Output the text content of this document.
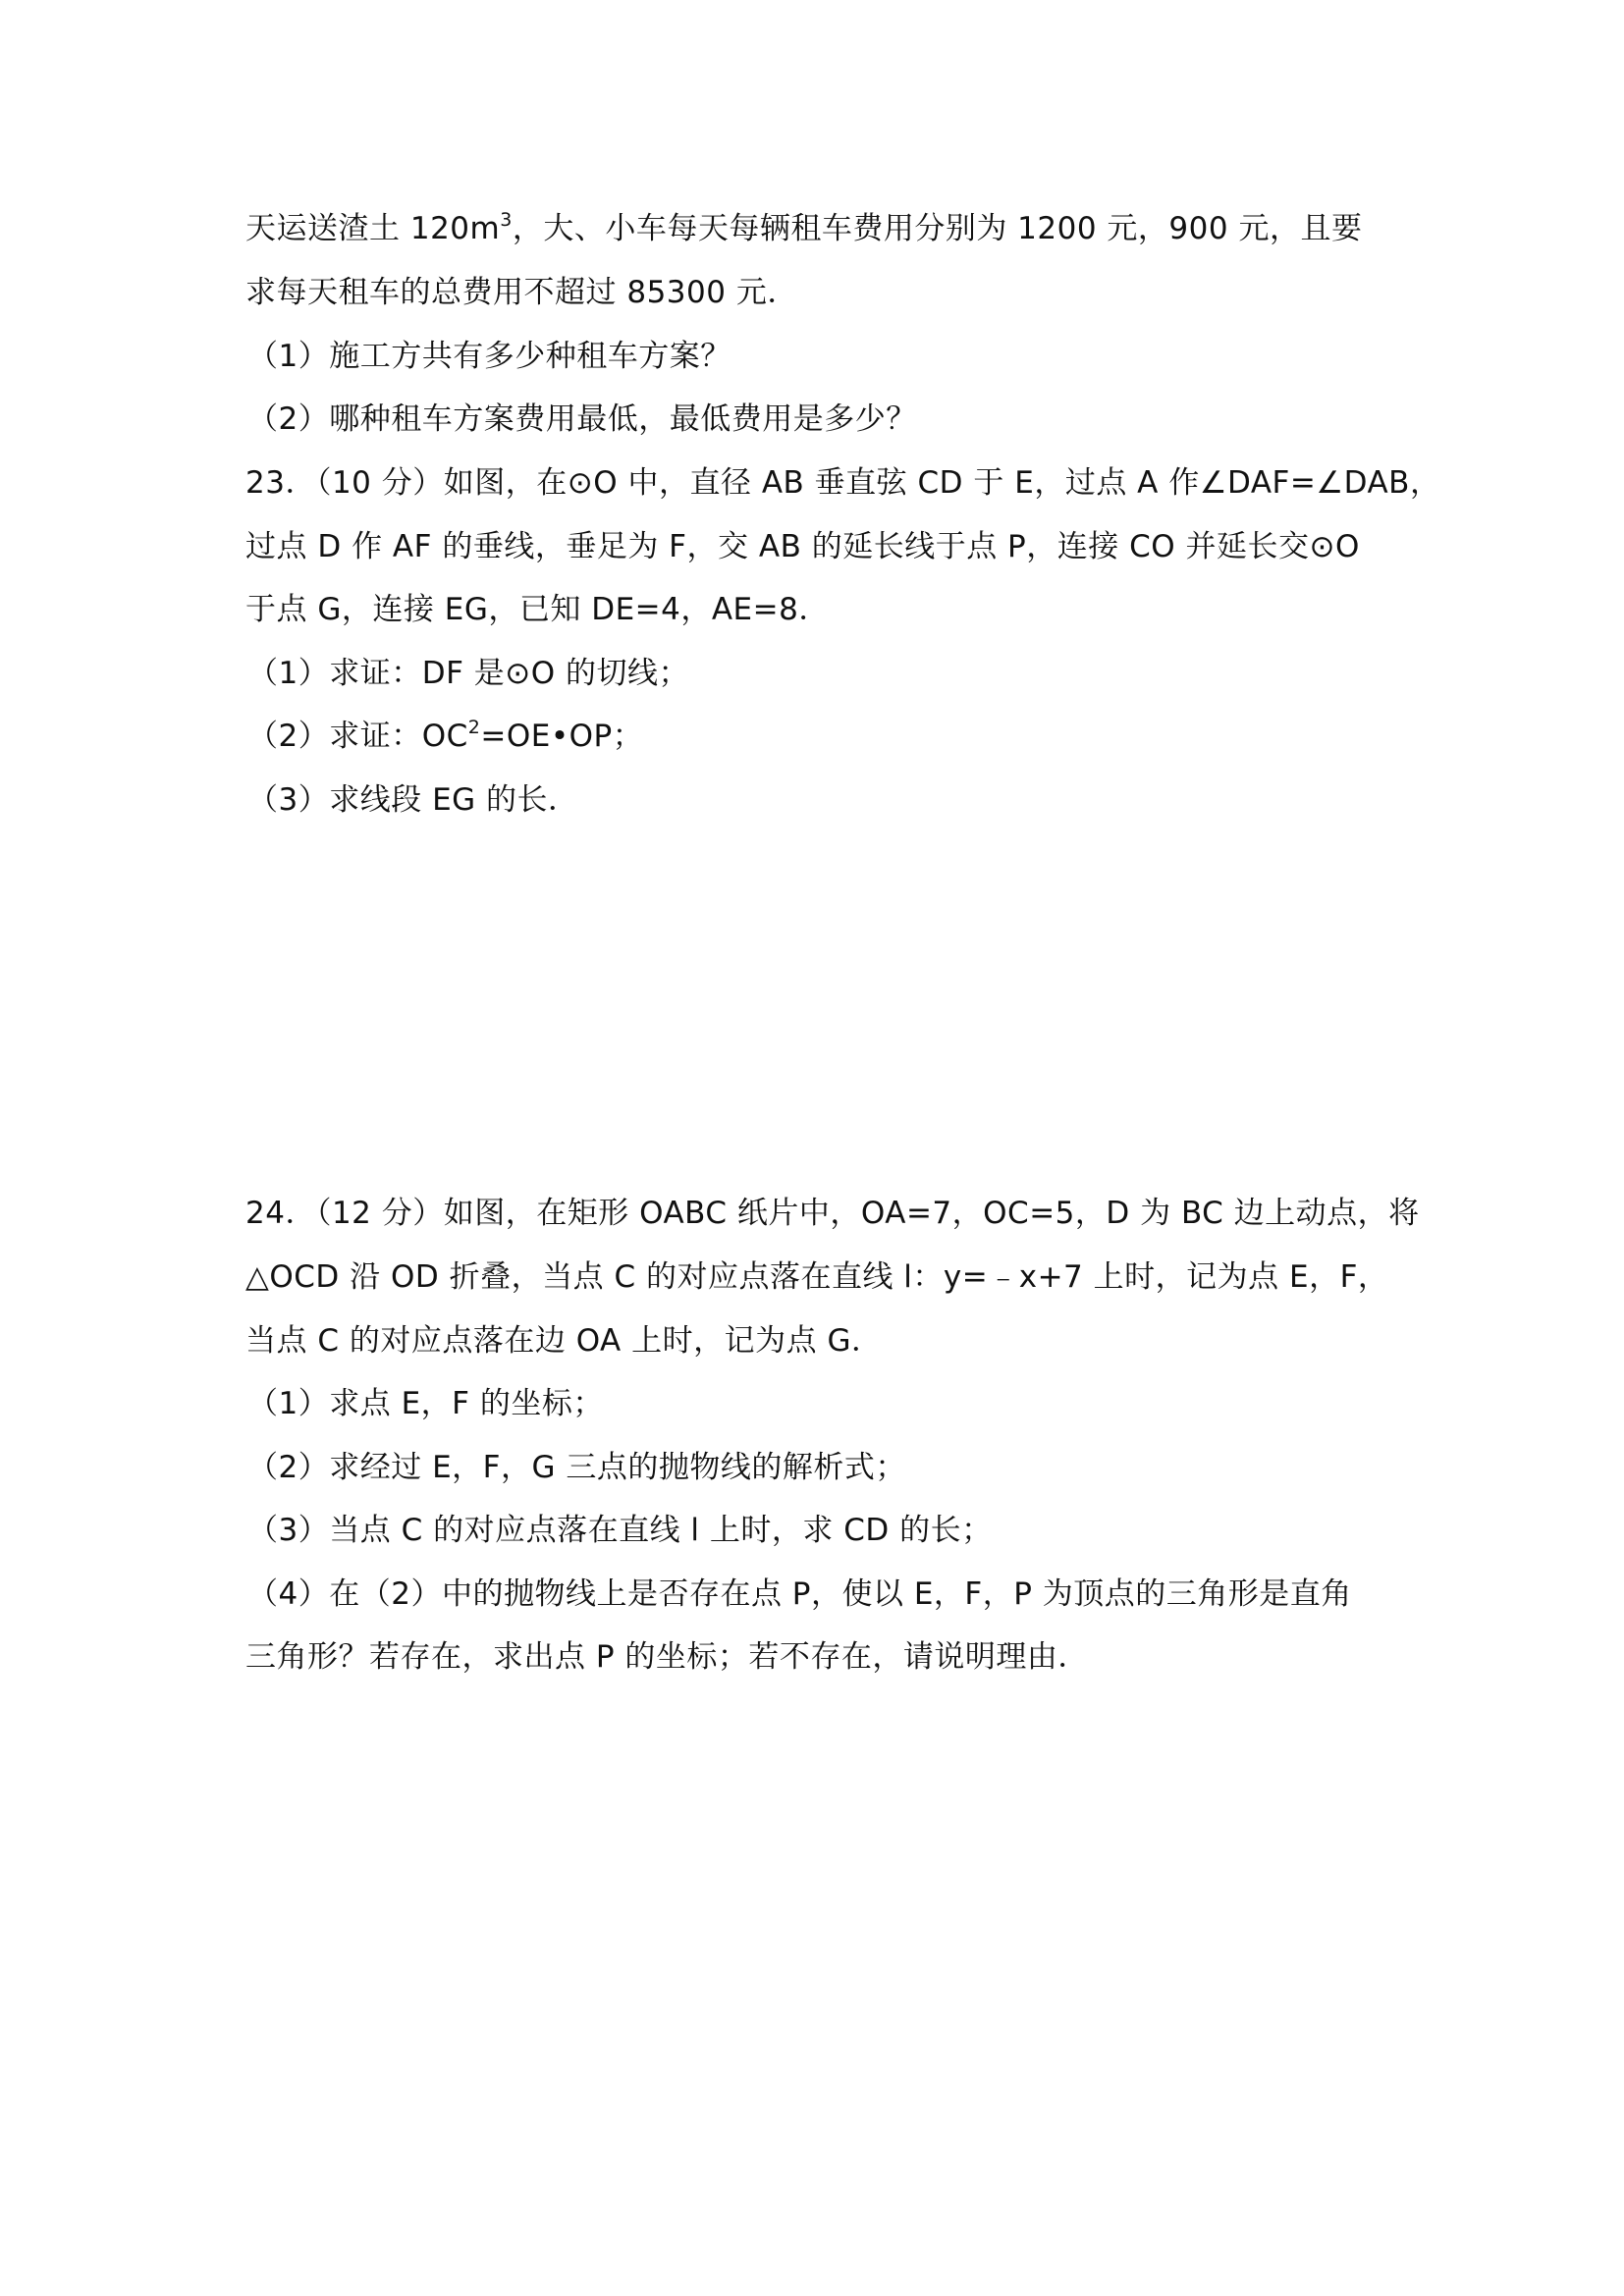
天运送渣土 $120m^3$，大、小车每天每辆租车费用分别为 1200 元，900 元，且要
求每天租车的总费用不超过 85300 元．
（1）施工方共有多少种租车方案？
（2）哪种租车方案费用最低，最低费用是多少？
23．（10 分）如图，在⊙O 中，直径 AB 垂直弦 CD 于 E，过点 A 作∠DAF=∠DAB，
过点 D 作 AF 的垂线，垂足为 F，交 AB 的延长线于点 P，连接 CO 并延长交⊙O
于点 G，连接 EG，已知 DE=4，AE=8．
（1）求证：DF 是⊙O 的切线；
（2）求证：$OC^2=OE•OP$；
（3）求线段 EG 的长．
24．（12 分）如图，在矩形 OABC 纸片中，OA=7，OC=5，D 为 BC 边上动点，将
△OCD 沿 OD 折叠，当点 C 的对应点落在直线 l：y=﹣x+7 上时，记为点 E，F，
当点 C 的对应点落在边 OA 上时，记为点 G．
（1）求点 E，F 的坐标；
（2）求经过 E，F，G 三点的抛物线的解析式；
（3）当点 C 的对应点落在直线 l 上时，求 CD 的长；
（4）在（2）中的抛物线上是否存在点 P，使以 E，F，P 为顶点的三角形是直角
三角形？若存在，求出点 P 的坐标；若不存在，请说明理由．
